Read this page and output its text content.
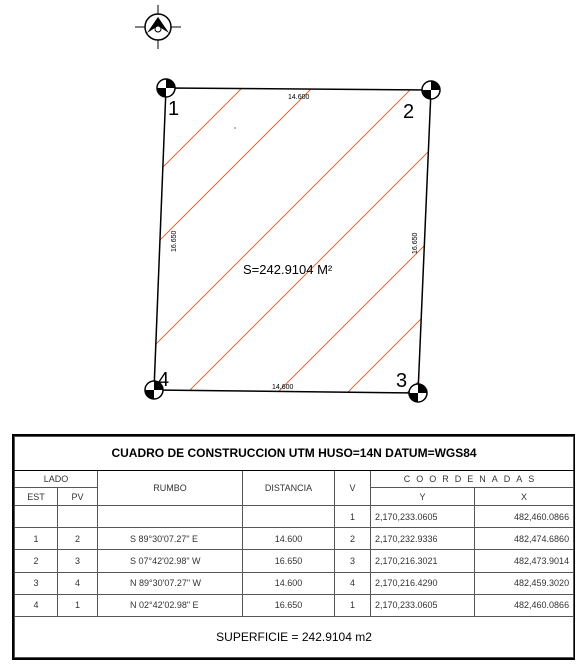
1	2
3
4
14.600
14.600
16.650	16.650
S=242.9104 M²
CUADRO DE CONSTRUCCION UTM HUSO=14N DATUM=WGS84						
LADO		RUMBO	DISTANCIA	V	COORDENADAS	
EST	PV				Y	X
				1	2,170,233.0605	482,460.0866
1	2	S 89°30'07.27" E	14.600	2	2,170,232.9336	482,474.6860
2	3	S 07°42'02.98" W	16.650	3	2,170,216.3021	482,473.9014
3	4	N 89°30'07.27" W	14.600	4	2,170,216.4290	482,459.3020
4	1	N 02°42'02.98" E	16.650	1	2,170,233.0605	482,460.0866
SUPERFICIE = 242.9104 m2						
